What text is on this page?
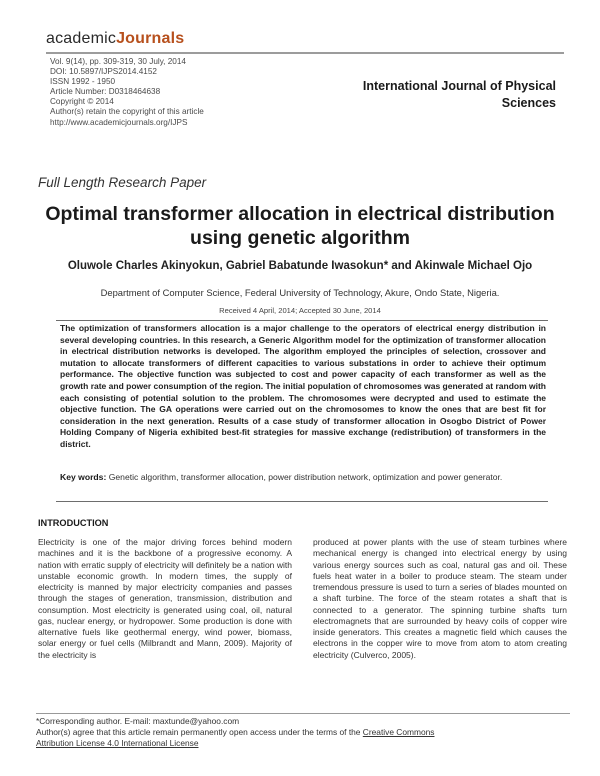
academicJournals
Vol. 9(14), pp. 309-319, 30 July, 2014
DOI: 10.5897/IJPS2014.4152
ISSN 1992 - 1950
Article Number: D0318464638
Copyright © 2014
Author(s) retain the copyright of this article
http://www.academicjournals.org/IJPS
International Journal of Physical
Sciences
Full Length Research Paper
Optimal transformer allocation in electrical distribution using genetic algorithm
Oluwole Charles Akinyokun, Gabriel Babatunde Iwasokun* and Akinwale Michael Ojo
Department of Computer Science, Federal University of Technology, Akure, Ondo State, Nigeria.
Received 4 April, 2014; Accepted 30 June, 2014
The optimization of transformers allocation is a major challenge to the operators of electrical energy distribution in several developing countries. In this research, a Generic Algorithm model for the optimization of transformer allocation in electrical distribution networks is developed. The algorithm employed the principles of selection, crossover and mutation to allocate transformers of different capacities to various substations in order to achieve their optimum performance. The objective function was subjected to cost and power capacity of each transformer as well as the growth rate and power consumption of the region. The initial population of chromosomes was generated at random with each consisting of potential solution to the problem. The chromosomes were decrypted and used to estimate the objective function. The GA operations were carried out on the chromosomes to know the ones that are best fit for consideration in the next generation. Results of a case study of transformer allocation in Osogbo District of Power Holding Company of Nigeria exhibited best-fit strategies for massive exchange (redistribution) of transformers in the district.
Key words: Genetic algorithm, transformer allocation, power distribution network, optimization and power generator.
INTRODUCTION
Electricity is one of the major driving forces behind modern machines and it is the backbone of a progressive economy. A nation with erratic supply of electricity will definitely be a nation with unstable economic growth. In modern times, the supply of electricity is manned by major electricity companies and passes through the stages of generation, transmission, distribution and consumption. Most electricity is generated using coal, oil, natural gas, nuclear energy, or hydropower. Some production is done with alternative fuels like geothermal energy, wind power, biomass, solar energy or fuel cells (Milbrandt and Mann, 2009). Majority of the electricity is
produced at power plants with the use of steam turbines where mechanical energy is changed into electrical energy by using various energy sources such as coal, natural gas and oil. These fuels heat water in a boiler to produce steam. The steam under tremendous pressure is used to turn a series of blades mounted on a shaft turbine. The force of the steam rotates a shaft that is connected to a generator. The spinning turbine shafts turn electromagnets that are surrounded by heavy coils of copper wire inside generators. This creates a magnetic field which causes the electrons in the copper wire to move from atom to atom creating electricity (Culverco, 2005).
*Corresponding author. E-mail: maxtunde@yahoo.com
Author(s) agree that this article remain permanently open access under the terms of the Creative Commons
Attribution License 4.0 International License
